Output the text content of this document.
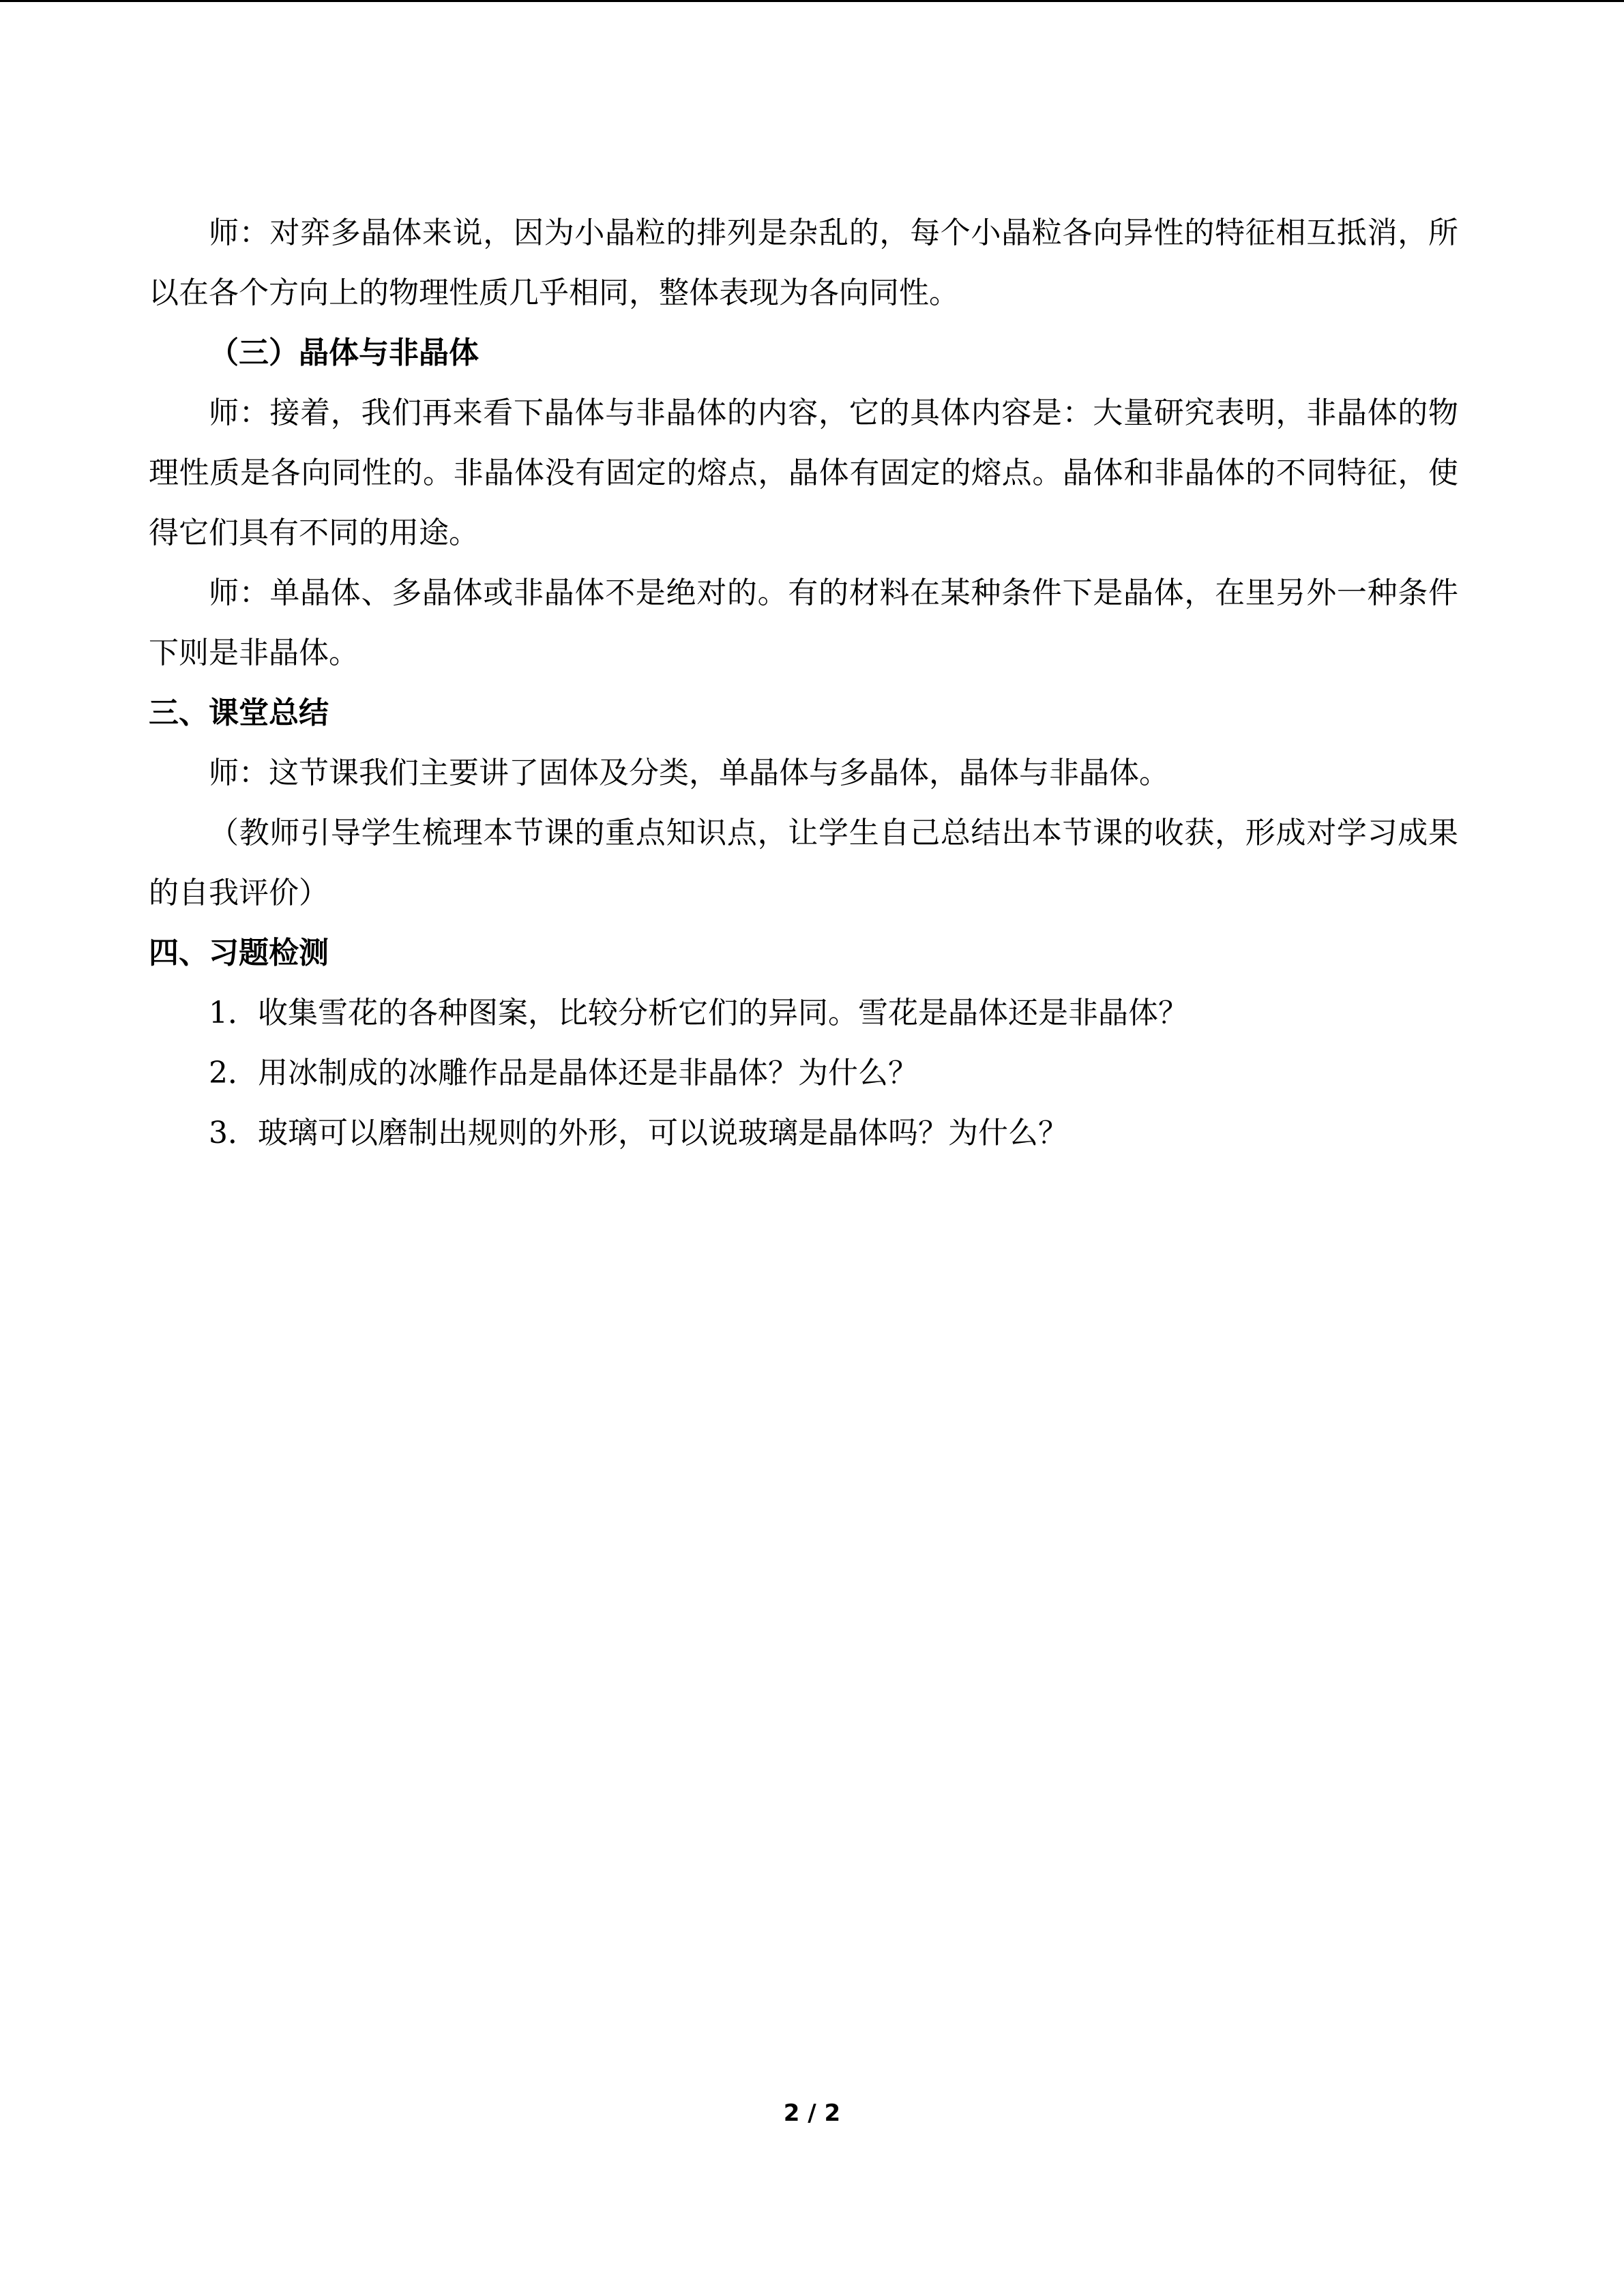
师：对弈多晶体来说，因为小晶粒的排列是杂乱的，每个小晶粒各向异性的特征相互抵消，所以在各个方向上的物理性质几乎相同，整体表现为各向同性。

（三）晶体与非晶体

师：接着，我们再来看下晶体与非晶体的内容，它的具体内容是：大量研究表明，非晶体的物理性质是各向同性的。非晶体没有固定的熔点，晶体有固定的熔点。晶体和非晶体的不同特征，使得它们具有不同的用途。

师：单晶体、多晶体或非晶体不是绝对的。有的材料在某种条件下是晶体，在里另外一种条件下则是非晶体。

三、课堂总结

师：这节课我们主要讲了固体及分类，单晶体与多晶体，晶体与非晶体。

（教师引导学生梳理本节课的重点知识点，让学生自己总结出本节课的收获，形成对学习成果的自我评价）

四、习题检测

1．收集雪花的各种图案，比较分析它们的异同。雪花是晶体还是非晶体？

2．用冰制成的冰雕作品是晶体还是非晶体？为什么？

3．玻璃可以磨制出规则的外形，可以说玻璃是晶体吗？为什么？

2 / 2
